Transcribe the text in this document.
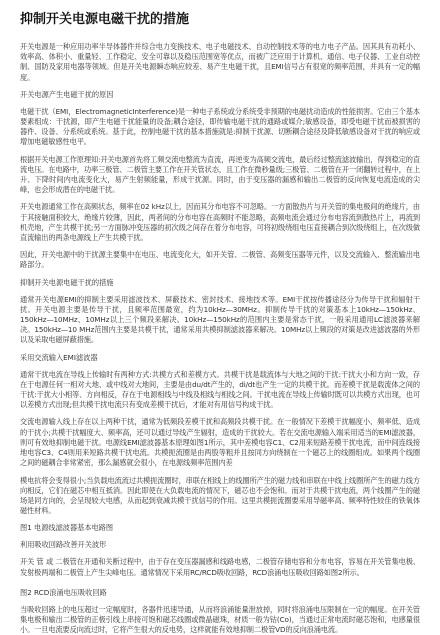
抑制开关电源电磁干扰的措施

开关电源是一种应用功率半导体器件并综合电力变换技术、电子电磁技术、自动控制技术等的电力电子产品。因其具有功耗小、效率高、体积小、重量轻、工作稳定、安全可靠以及稳压范围宽等优点，而被广泛应用于计算机、通信、电子仪器、工业自动控制、国防及家用电器等领域。但是开关电源瞬态响应较差、易产生电磁干扰，且EMI信号占有很宽的频率范围，并具有一定的幅度。

开关电源产生电磁干扰的原因

电磁干扰（EMI，ElectromagneticInterference)是一种电子系统或分系统受非预期的电磁扰动造成的性能损害。它由三个基本要素组成：干扰源，即产生电磁干扰能量的设备;耦合途径，即传输电磁干扰的通路或媒介;敏感设备，即受电磁干扰而被损害的器件、设备、分系统或系统。基于此，控制电磁干扰的基本措施就是:抑制干扰源、切断耦合途径及降低敏感设备对干扰的响应或增加电磁敏感性电平。

根据开关电源工作原理知:开关电源首先将工频交流电整流为直流，再逆变为高频交流电，最后经过整流滤波输出，得到稳定的直流电压。在电路中，功率三极管、二极管主要工作在开关管状态，且工作在微秒量级;三极管、二极管在开一闭翻转过程中，在上升、下降时间内电流变化大，易产生射频能量，形成干扰源。同时，由于变压器的漏感和输出二极管的反向恢复电流造成的尖峰，也会形成潜在的电磁干扰。

开关电源通常工作在高频状态，频率在02 kHz以上，因而其分布电容不可忽略。一方面散热片与开关管的集电极间的绝缘片，由于其接触面积较大，绝缘片较薄，因此，两者间的分布电容在高频时不能忽略，高频电流会通过分布电容流到散热片上，再流到机壳地，产生共模干扰;另一方面脉冲变压器的初次级之间存在着分布电容，可将初级绕组电压直接耦合到次级绕组上，在次级做直流输出的两条电源线上产生共模干扰。

因此，开关电源中的干扰源主要集中在电压、电流变化大，如开关管、二极管、高频变压器等元件，以及交流输入、整流输出电路部分。

抑制开关电源电磁干扰的措施

通常开关电源EMI的抑制主要采用滤波技术、屏蔽技术、密封技术、接地技术等。EMI干扰按传播途径分为传导干扰和辐射干扰。开关电源主要是传导干扰，且频率范围最宽，约为10kHz—30MHz。抑制传导干扰的对策基本上10kHz—150kHz、150kHz—10MHz、10MHz以上三个频段来解决。10kHz—150kHz的范围内主要是常态干扰，一般采用通用LC滤波器来解决。150kHz—10 MHz范围内主要是共模干扰，通常采用共模抑制滤波器来解决。10MHz以上频段的对策是改进滤波器的外形以及采取电磁屏蔽措施。

采用交流输入EMI滤波器

通常干扰电流在导线上传输时有两种方式:共模方式和差模方式。共模干扰是载流体与大地之间的干扰:干扰大小和方向一致，存在于电源任何一相对大地、或中线对大地间，主要是由du/dt产生的，di/dt也产生一定的共模干扰。而差模干扰是载流体之间的干扰:干扰大小相等、方向相反，存在于电源相线与中线及相线与相线之间。干扰电流在导线上传输时既可以共模方式出现，也可以差模方式出现;但共模干扰电流只有变成差模干扰后，才能对有用信号构成干扰。

交流电源输入线上存在以上两种干扰，通常为低频段差模干扰和高频段共模干扰。在一般情况下差模干扰幅度小、频率低、造成的干扰小;共模干扰幅度大、频率高，还可以通过导线产生辐射，造成的干扰较大。若在交流电源输入端采用适当的EMI滤波器，则可有效地抑制电磁干扰。电源线EMI滤波器基本原理如图1所示，其中差模电容C1、C2用来短路差模干扰电流，而中间连线接地电容C3、C4则用来短路共模干扰电流。共模扼流圈是由两股等粗并且按同方向绕制在一个磁芯上的线圈组成。如果两个线圈之间的磁耦合非常紧密，那么漏感就会很小，在电源线频率范围内差

模电抗将会变得很小;当负载电流流过共模扼流圈时，串联在相线上的线圈所产生的磁力线和串联在中线上线圈所产生的磁力线方向相反，它们在磁芯中相互抵消。因此即使在大负载电流的情况下，磁芯也不会饱和。而对于共模干扰电流，两个线圈产生的磁场是同方向的，会呈现较大电感，从而起到衰减共模干扰信号的作用。这里共模扼流圈要采用导磁率高、频率特性较佳的铁氧体磁性材料。

图1 电源线滤波器基本电路图
利用吸收回路改善开关波形

开关 管 或 二极管在开通和关断过程中，由于存在变压器漏感和线路电感，二极管存储电容和分布电容，容易在开关管集电极、发射极两端和二极管上产生尖峰电压。通常情况下采用RC/RCD吸收回路，RCD浪涌电压吸收回路如图2所示。

图2 RCD浪涌电压吸收回路

当吸收回路上的电压超过一定幅度时，各器件迅速导通，从而将浪涌能量泄放掉，同时将浪涌电压限制在一定的幅度。在开关管集电极和输出二极管的正极引线上串接可饱和磁芯线圈或微晶磁珠，材质一般为钴(Co)，当通过正常电流时磁芯饱和，电感量很小。一旦电流要反向流过时，它将产生很大的反电势，这样就能有效地抑制二极管VD的反向浪涌电流。
